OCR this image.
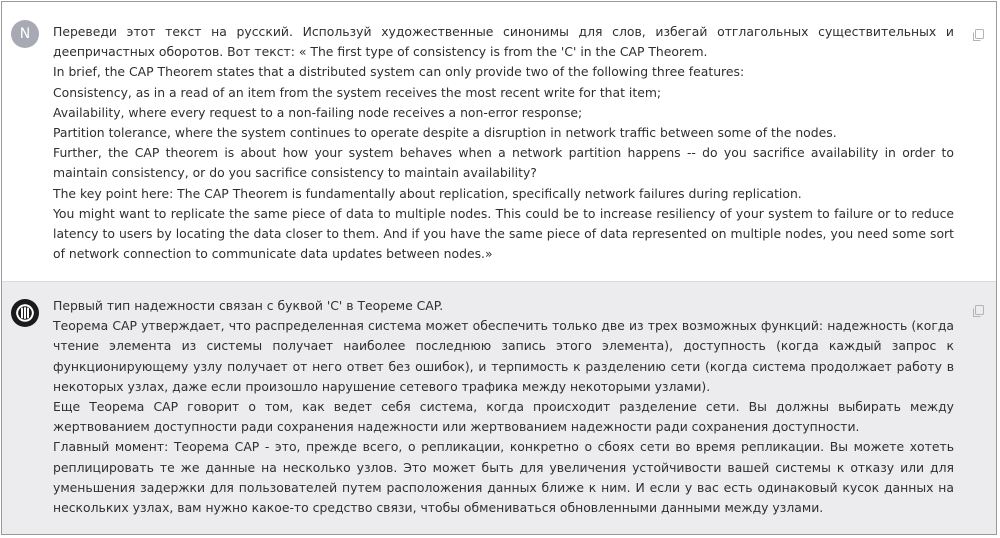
N Переведи этот текст на русский. Используй художественные синонимы для слов, избегай отглагольных существительных и деепричастных оборотов. Вот текст: « The first type of consistency is from the 'C' in the CAP Theorem.

In brief, the CAP Theorem states that a distributed system can only provide two of the following three features:

Consistency, as in a read of an item from the system receives the most recent write for that item;

Availability, where every request to a non-failing node receives a non-error response;

Partition tolerance, where the system continues to operate despite a disruption in network traffic between some of the nodes.

Further, the CAP theorem is about how your system behaves when a network partition happens -- do you sacrifice availability in order to maintain consistency, or do you sacrifice consistency to maintain availability?

The key point here: The CAP Theorem is fundamentally about replication, specifically network failures during replication.

You might want to replicate the same piece of data to multiple nodes. This could be to increase resiliency of your system to failure or to reduce latency to users by locating the data closer to them. And if you have the same piece of data represented on multiple nodes, you need some sort of network connection to communicate data updates between nodes.»

Первый тип надежности связан с буквой 'C' в Теореме CAP.

Теорема CAP утверждает, что распределенная система может обеспечить только две из трех возможных функций: надежность (когда чтение элемента из системы получает наиболее последнюю запись этого элемента), доступность (когда каждый запрос к функционирующему узлу получает от него ответ без ошибок), и терпимость к разделению сети (когда система продолжает работу в некоторых узлах, даже если произошло нарушение сетевого трафика между некоторыми узлами).

Еще Теорема CAP говорит о том, как ведет себя система, когда происходит разделение сети. Вы должны выбирать между жертвованием доступности ради сохранения надежности или жертвованием надежности ради сохранения доступности.

Главный момент: Теорема CAP - это, прежде всего, о репликации, конкретно о сбоях сети во время репликации. Вы можете хотеть реплицировать те же данные на несколько узлов. Это может быть для увеличения устойчивости вашей системы к отказу или для уменьшения задержки для пользователей путем расположения данных ближе к ним. И если у вас есть одинаковый кусок данных на нескольких узлах, вам нужно какое-то средство связи, чтобы обмениваться обновленными данными между узлами.
